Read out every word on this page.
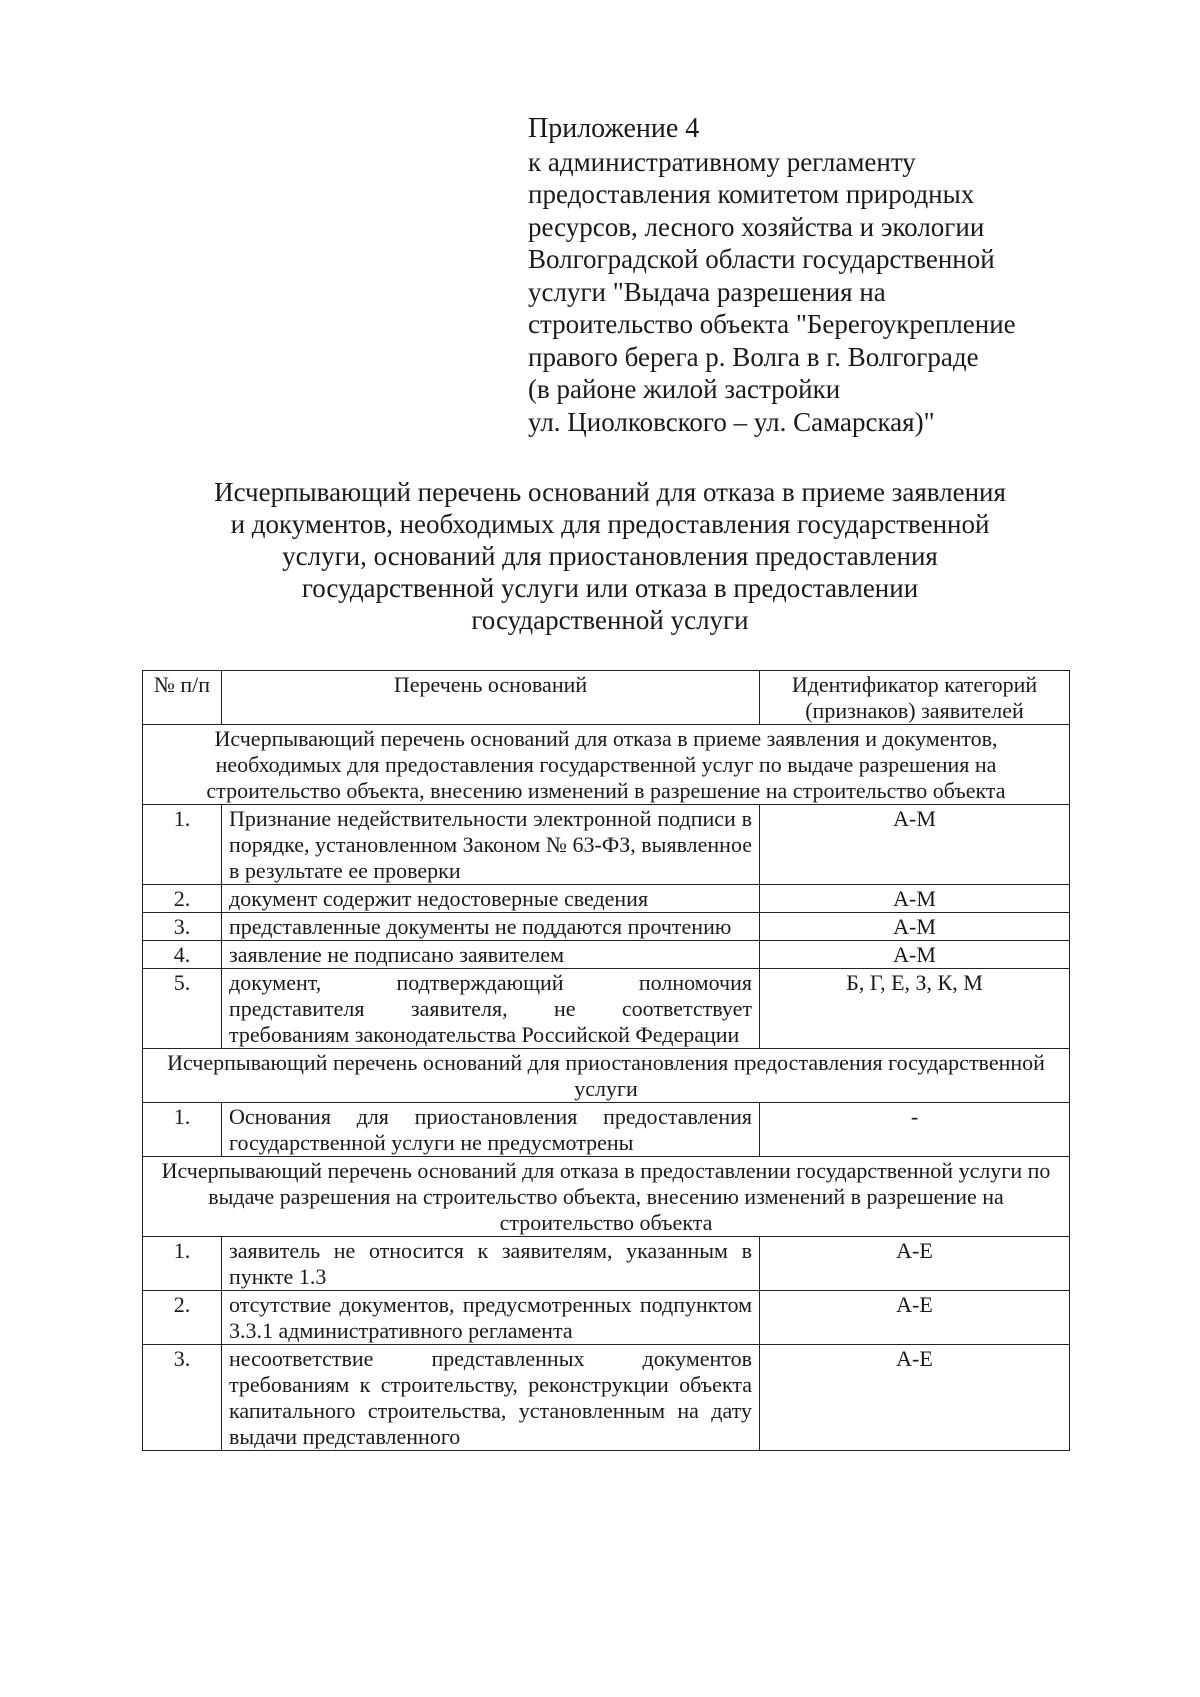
Приложение 4
к административному регламенту
предоставления комитетом природных
ресурсов, лесного хозяйства и экологии
Волгоградской области государственной
услуги "Выдача разрешения на
строительство объекта "Берегоукрепление
правого берега р. Волга в г. Волгограде
(в районе жилой застройки
ул. Циолковского – ул. Самарская)"
Исчерпывающий перечень оснований для отказа в приеме заявления
и документов, необходимых для предоставления государственной
услуги, оснований для приостановления предоставления
государственной услуги или отказа в предоставлении
государственной услуги
№ п/п	Перечень оснований	Идентификатор категорий (признаков) заявителей
Исчерпывающий перечень оснований для отказа в приеме заявления и документов, необходимых для предоставления государственной услуг по выдаче разрешения на строительство объекта, внесению изменений в разрешение на строительство объекта		
1.	Признание недействительности электронной подписи в порядке, установленном Законом № 63-ФЗ, выявленное в результате ее проверки	А-М
2.	документ содержит недостоверные сведения	А-М
3.	представленные документы не поддаются прочтению	А-М
4.	заявление не подписано заявителем	А-М
5.	документ, подтверждающий полномочия представителя заявителя, не соответствует требованиям законодательства Российской Федерации	Б, Г, Е, З, К, М
Исчерпывающий перечень оснований для приостановления предоставления государственной услуги		
1.	Основания для приостановления предоставления государственной услуги не предусмотрены	-
Исчерпывающий перечень оснований для отказа в предоставлении государственной услуги по выдаче разрешения на строительство объекта, внесению изменений в разрешение на строительство объекта		
1.	заявитель не относится к заявителям, указанным в пункте 1.3	А-Е
2.	отсутствие документов, предусмотренных подпунктом 3.3.1 административного регламента	А-Е
3.	несоответствие представленных документов требованиям к строительству, реконструкции объекта капитального строительства, установленным на дату выдачи представленного	А-Е
